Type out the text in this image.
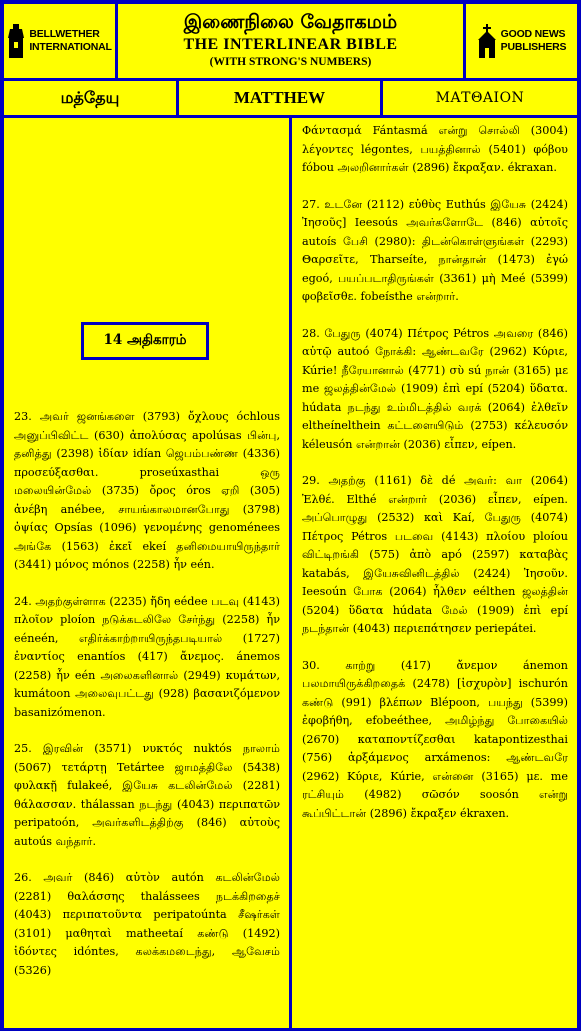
BELLWETHER
INTERNATIONAL
இணைநிலை வேதாகமம்
THE INTERLINEAR BIBLE
(WITH STRONG'S NUMBERS)
GOOD NEWS
PUBLISHERS
மத்தேயு	MATTHEW	ΜΑΤΘΑΙΟΝ
14 அதிகாரம்

23. அவர் ஜனங்களை (3793) ὄχλους óchlous அனுப்பிவிட்ட (630) ἀπολύσας apolúsas பின்பு, தனித்து (2398) ἰδίαν idían ஜெபம்பண்ண (4336) προσεύξασθαι. proseúxasthai ஒரு மலையின்மேல் (3735) ὄρος óros ஏறி (305) ἀνέβη anébee, சாயங்காலமானபோது (3798) ὀψίας Opsías (1096) γενομένης genoménees அங்கே (1563) ἐκεῖ ekeí தனிமையாயிருந்தார் (3441) μόνος mónos (2258) ἦν eén.

24. அதற்குள்ளாக (2235) ἤδη eédee படவு (4143) πλοῖον ploíon நடுக்கடலிலே சேர்ந்து (2258) ἦν eéneén, எதிர்க்காற்றாயிருந்தபடியால் (1727) ἐναντίος enantíos (417) ἄνεμος. ánemos (2258) ἦν eén அலைகளினால் (2949) κυμάτων, kumátoon அலைவுபட்டது (928) βασανιζόμενον basanizómenon.

25. இரவின் (3571) νυκτός nuktós நாலாம் (5067) τετάρτῃ Tetártee ஜாமத்திலே (5438) φυλακῇ fulakeé, இயேசு கடலின்மேல் (2281) θάλασσαν. thálassan நடந்து (4043) περιπατῶν peripatoón, அவர்களிடத்திற்கு (846) αὐτοὺς autoús வந்தார்.

26. அவர் (846) αὐτὸν autón கடலின்மேல் (2281) θαλάσσης thalássees நடக்கிறதைச் (4043) περιπατοῦντα peripatoúnta சீஷர்கள் (3101) μαθηταὶ matheetaí கண்டு (1492) ἰδόντες idóntes, கலக்கமடைந்து, ஆவேசம் (5326)

Φάντασμά Fántasmá என்று சொல்லி (3004) λέγοντες légontes, பயத்தினால் (5401) φόβου fóbou அலறினார்கள் (2896) ἔκραξαν. ékraxan.

27. உடனே (2112) εὐθὺς Euthús இயேசு (2424) Ἰησοῦς] Ieesoús அவர்களோடே (846) αὐτοῖς autoís பேசி (2980): திடன்கொள்ளுங்கள் (2293) Θαρσεῖτε, Tharseíte, நான்தான் (1473) ἐγώ egoó, பயப்படாதிருங்கள் (3361) μὴ Meé (5399) φοβεῖσθε. fobeísthe என்றார்.

28. பேதுரு (4074) Πέτρος Pétros அவரை (846) αὐτῷ autoó நோக்கி: ஆண்டவரே (2962) Κύριε, Kúrie! நீரேயானால் (4771) σὺ sú நான் (3165) με me ஜலத்தின்மேல் (1909) ἐπὶ epí (5204) ὕδατα. húdata நடந்து உம்மிடத்தில் வரக் (2064) ἐλθεῖν eltheínelthein கட்டளையிடும் (2753) κέλευσόν kéleusón என்றான் (2036) εἶπεν, eípen.

29. அதற்கு (1161) δὲ dé அவர்: வா (2064) Ἐλθέ. Elthé என்றார் (2036) εἶπεν, eípen. அப்பொழுது (2532) καὶ Kaí, பேதுரு (4074) Πέτρος Pétros படவை (4143) πλοίου ploíou விட்டிறங்கி (575) ἀπὸ apó (2597) καταβὰς katabás, இயேசுவினிடத்தில் (2424) Ἰησοῦν. Ieesoún போக (2064) ἦλθεν eélthen ஜலத்தின் (5204) ὕδατα húdata மேல் (1909) ἐπὶ epí நடந்தான் (4043) περιεπάτησεν periepátei.

30. காற்று (417) ἄνεμον ánemon பலமாயிருக்கிறதைக் (2478) [ἰσχυρὸν] ischurón கண்டு (991) βλέπων Blépoon, பயந்து (5399) ἐφοβήθη, efobeéthee, அமிழ்ந்து போகையில் (2670) καταποντίζεσθαι katapontizesthai (756) ἀρξάμενος arxámenos: ஆண்டவரே (2962) Κύριε, Kúrie, என்னை (3165) με. me ரட்சியும் (4982) σῶσόν soosón என்று கூப்பிட்டான் (2896) ἔκραξεν ékraxen.
